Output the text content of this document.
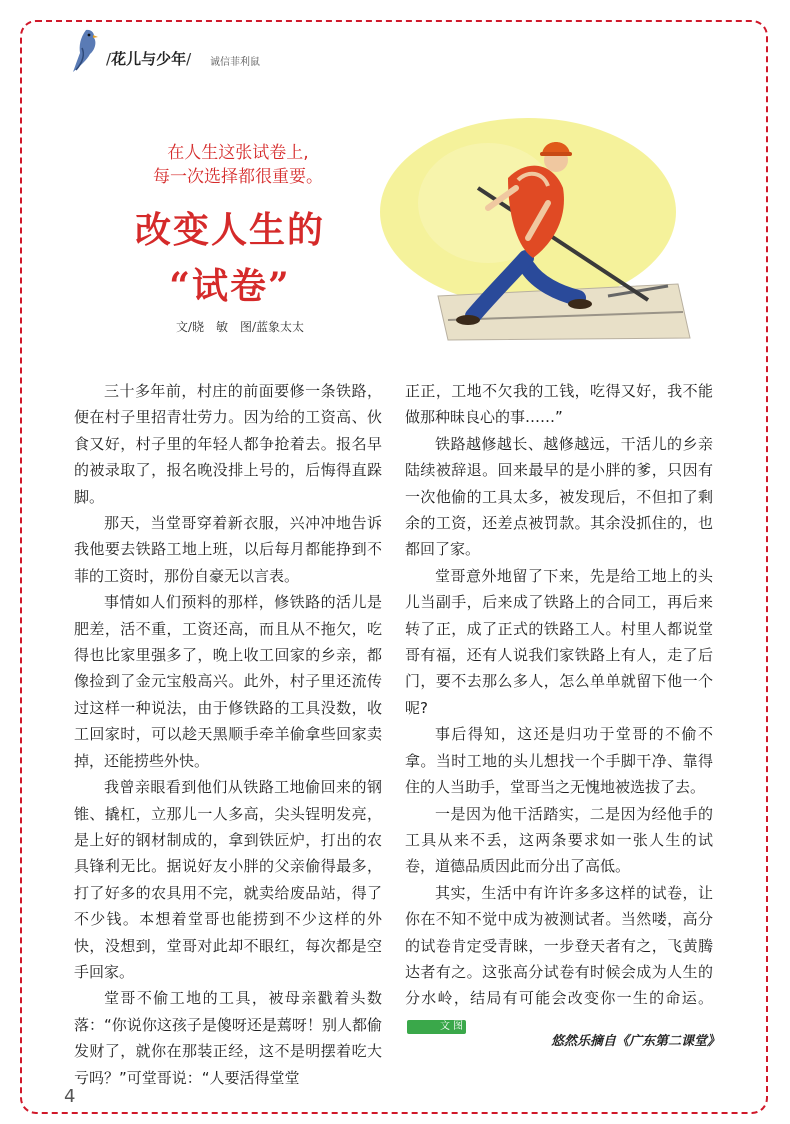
/花儿与少年/ 诚信菲利鼠
在人生这张试卷上,
每一次选择都很重要。
改变人生的
“试卷”
文/晓　敏　图/蓝象太太

三十多年前，村庄的前面要修一条铁路，便在村子里招青壮劳力。因为给的工资高、伙食又好，村子里的年轻人都争抢着去。报名早的被录取了，报名晚没排上号的，后悔得直跺脚。

那天，当堂哥穿着新衣服，兴冲冲地告诉我他要去铁路工地上班，以后每月都能挣到不菲的工资时，那份自豪无以言表。

事情如人们预料的那样，修铁路的活儿是肥差，活不重，工资还高，而且从不拖欠，吃得也比家里强多了，晚上收工回家的乡亲，都像捡到了金元宝般高兴。此外，村子里还流传过这样一种说法，由于修铁路的工具没数，收工回家时，可以趁天黑顺手牵羊偷拿些回家卖掉，还能捞些外快。

我曾亲眼看到他们从铁路工地偷回来的钢锥、撬杠，立那儿一人多高，尖头锃明发亮，是上好的钢材制成的，拿到铁匠炉，打出的农具锋利无比。据说好友小胖的父亲偷得最多，打了好多的农具用不完，就卖给废品站，得了不少钱。本想着堂哥也能捞到不少这样的外快，没想到，堂哥对此却不眼红，每次都是空手回家。

堂哥不偷工地的工具，被母亲戳着头数落：“你说你这孩子是傻呀还是蔫呀！别人都偷发财了，就你在那装正经，这不是明摆着吃大亏吗？”可堂哥说：“人要活得堂堂

正正，工地不欠我的工钱，吃得又好，我不能做那种昧良心的事……”

铁路越修越长、越修越远，干活儿的乡亲陆续被辞退。回来最早的是小胖的爹，只因有一次他偷的工具太多，被发现后，不但扣了剩余的工资，还差点被罚款。其余没抓住的，也都回了家。

堂哥意外地留了下来，先是给工地上的头儿当副手，后来成了铁路上的合同工，再后来转了正，成了正式的铁路工人。村里人都说堂哥有福，还有人说我们家铁路上有人，走了后门，要不去那么多人，怎么单单就留下他一个呢?

事后得知，这还是归功于堂哥的不偷不拿。当时工地的头儿想找一个手脚干净、靠得住的人当助手，堂哥当之无愧地被选拔了去。

一是因为他干活踏实，二是因为经他手的工具从来不丢，这两条要求如一张人生的试卷，道德品质因此而分出了高低。

其实，生活中有许许多多这样的试卷，让你在不知不觉中成为被测试者。当然喽，高分的试卷肯定受青睐，一步登天者有之，飞黄腾达者有之。这张高分试卷有时候会成为人生的分水岭，结局有可能会改变你一生的命运。文 图

悠然乐摘自《广东第二课堂》
4
